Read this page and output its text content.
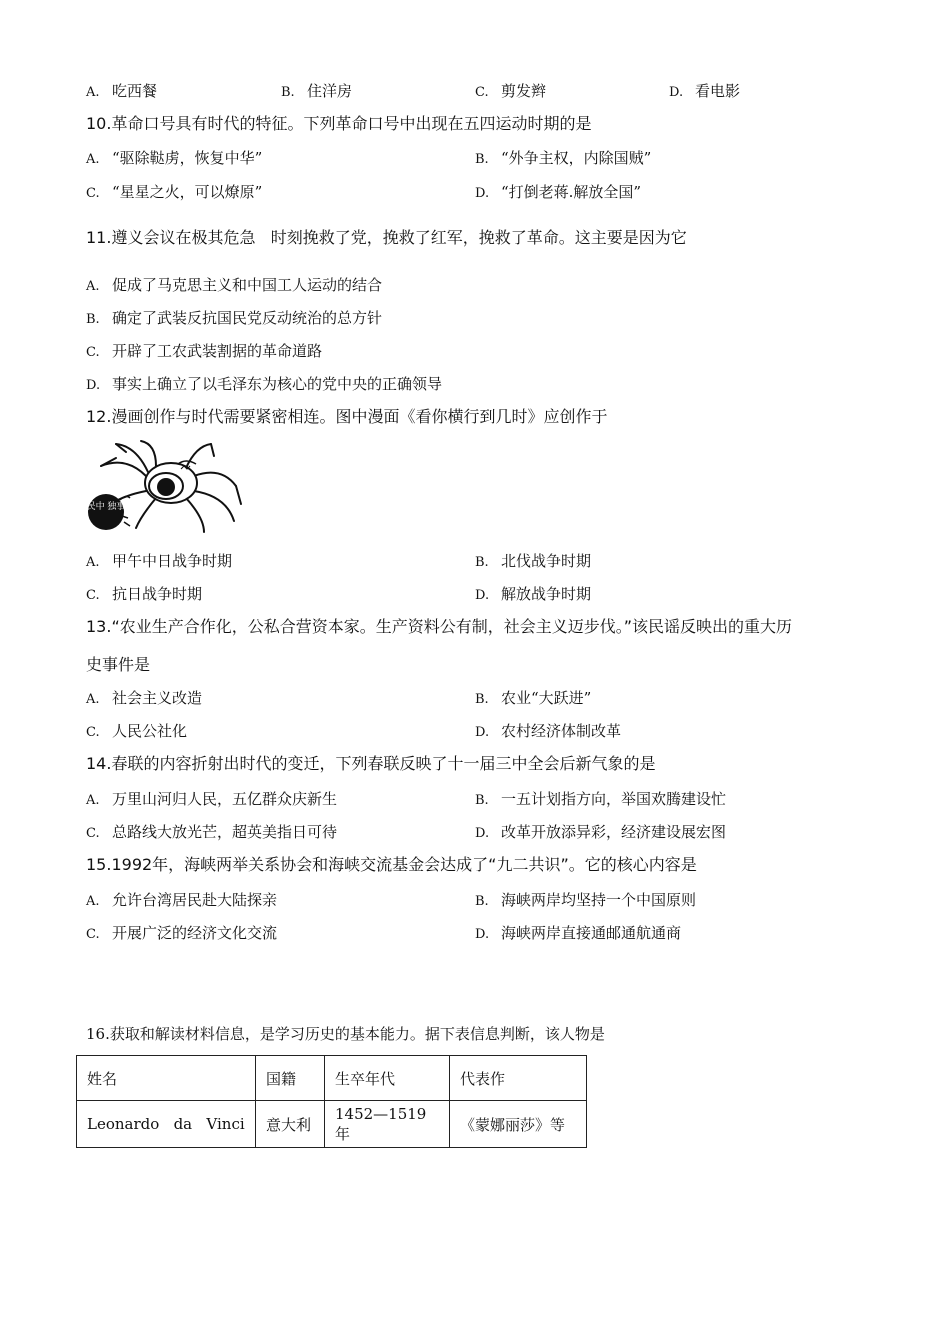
A. 吃西餐	B. 住洋房	C. 剪发辫	D. 看电影
10.革命口号具有时代的特征。下列革命口号中出现在五四运动时期的是
A. “驱除鞑虏，恢复中华”	B. “外争主权，内除国贼”
C. “星星之火，可以燎原”	D. “打倒老蒋.解放全国”
11.遵义会议在极其危急   时刻挽救了党，挽救了红军，挽救了革命。这主要是因为它
A. 促成了马克思主义和中国工人运动的结合
B. 确定了武装反抗国民党反动统治的总方针
C. 开辟了工农武装割据的革命道路
D. 事实上确立了以毛泽东为核心的党中央的正确领导
12.漫画创作与时代需要紧密相连。图中漫面《看你横行到几时》应创作于
民中 独事
A. 甲午中日战争时期	B. 北伐战争时期
C. 抗日战争时期	D. 解放战争时期
13.“农业生产合作化，公私合营资本家。生产资料公有制，社会主义迈步伐。”该民谣反映出的重大历
史事件是
A. 社会主义改造	B. 农业“大跃进”
C. 人民公社化	D. 农村经济体制改革
14.春联的内容折射出时代的变迁，下列春联反映了十一届三中全会后新气象的是
A. 万里山河归人民，五亿群众庆新生	B. 一五计划指方向，举国欢腾建设忙
C. 总路线大放光芒，超英美指日可待	D. 改革开放添异彩，经济建设展宏图
15.1992年，海峡两举关系协会和海峡交流基金会达成了“九二共识”。它的核心内容是
A. 允许台湾居民赴大陆探亲	B. 海峡两岸均坚持一个中国原则
C. 开展广泛的经济文化交流	D. 海峡两岸直接通邮通航通商
16.获取和解读材料信息，是学习历史的基本能力。据下表信息判断，该人物是
姓名	国籍	生卒年代	代表作
Leonardo   da   Vinci	意大利	1452—1519 年	《蒙娜丽莎》等
